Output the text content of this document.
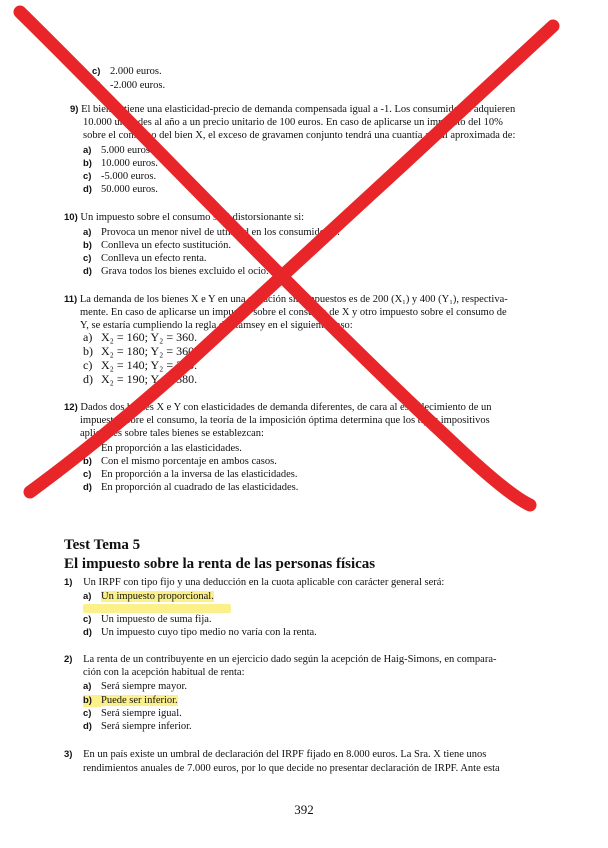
c) 2.000 euros.
d) -2.000 euros.
9) El bien X tiene una elasticidad-precio de demanda compensada igual a -1. Los consumidores adquieren
10.000 unidades al año a un precio unitario de 100 euros. En caso de aplicarse un impuesto del 10%
sobre el consumo del bien X, el exceso de gravamen conjunto tendrá una cuantía anual aproximada de:
a) 5.000 euros.
b) 10.000 euros.
c) -5.000 euros.
d) 50.000 euros.
10) Un impuesto sobre el consumo será distorsionante si:
a) Provoca un menor nivel de utilidad en los consumidores.
b) Conlleva un efecto sustitución.
c) Conlleva un efecto renta.
d) Grava todos los bienes excluido el ocio.
11) La demanda de los bienes X e Y en una situación sin impuestos es de 200 (X₁) y 400 (Y₁), respectiva-
mente. En caso de aplicarse un impuesto sobre el consumo de X y otro impuesto sobre el consumo de
Y, se estaría cumpliendo la regla de Ramsey en el siguiente caso:
a) X₂ = 160; Y₂ = 360.
b) X₂ = 180; Y₂ = 360.
c) X₂ = 140; Y₂ = 280.
d) X₂ = 190; Y₂ = 380.
12) Dados dos bienes X e Y con elasticidades de demanda diferentes, de cara al establecimiento de un
impuesto sobre el consumo, la teoría de la imposición óptima determina que los tipos impositivos
aplicables sobre tales bienes se establezcan:
a) En proporción a las elasticidades.
b) Con el mismo porcentaje en ambos casos.
c) En proporción a la inversa de las elasticidades.
d) En proporción al cuadrado de las elasticidades.
Test Tema 5
El impuesto sobre la renta de las personas físicas
1) Un IRPF con tipo fijo y una deducción en la cuota aplicable con carácter general será:
a) Un impuesto proporcional.
c) Un impuesto de suma fija.
d) Un impuesto cuyo tipo medio no varía con la renta.
2) La renta de un contribuyente en un ejercicio dado según la acepción de Haig-Simons, en compara-
ción con la acepción habitual de renta:
a) Será siempre mayor.
b) Puede ser inferior.
c) Será siempre igual.
d) Será siempre inferior.
3) En un país existe un umbral de declaración del IRPF fijado en 8.000 euros. La Sra. X tiene unos
rendimientos anuales de 7.000 euros, por lo que decide no presentar declaración de IRPF. Ante esta
392
